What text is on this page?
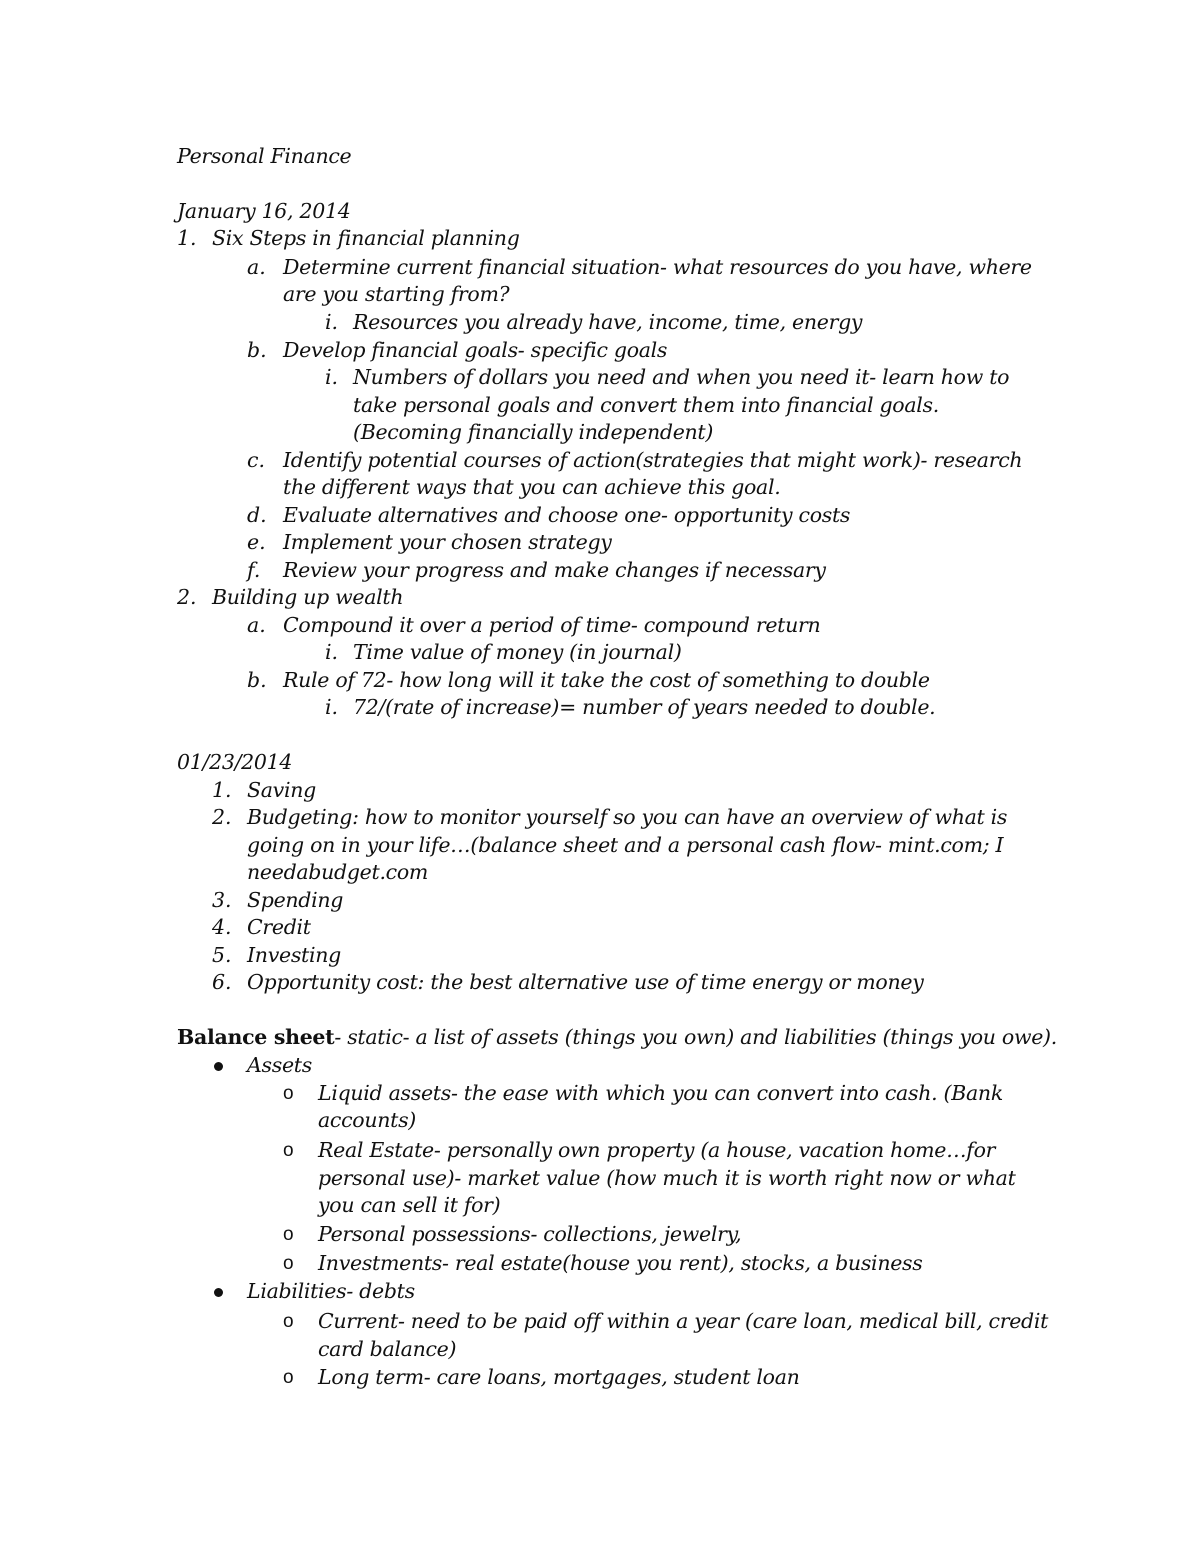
Personal Finance
January 16, 2014
1. Six Steps in financial planning
a. Determine current financial situation- what resources do you have, where
are you starting from?
i. Resources you already have, income, time, energy
b. Develop financial goals- specific goals
i. Numbers of dollars you need and when you need it- learn how to
take personal goals and convert them into financial goals.
(Becoming financially independent)
c. Identify potential courses of action(strategies that might work)- research
the different ways that you can achieve this goal.
d. Evaluate alternatives and choose one- opportunity costs
e. Implement your chosen strategy
f. Review your progress and make changes if necessary
2. Building up wealth
a. Compound it over a period of time- compound return
i. Time value of money (in journal)
b. Rule of 72- how long will it take the cost of something to double
i. 72/(rate of increase)= number of years needed to double.
01/23/2014
1. Saving
2. Budgeting: how to monitor yourself so you can have an overview of what is
going on in your life…(balance sheet and a personal cash flow- mint.com; I
needabudget.com
3. Spending
4. Credit
5. Investing
6. Opportunity cost: the best alternative use of time energy or money
Balance sheet- static- a list of assets (things you own) and liabilities (things you owe).
Assets
o Liquid assets- the ease with which you can convert into cash. (Bank
accounts)
o Real Estate- personally own property (a house, vacation home…for
personal use)- market value (how much it is worth right now or what
you can sell it for)
o Personal possessions- collections, jewelry,
o Investments- real estate(house you rent), stocks, a business
Liabilities- debts
o Current- need to be paid off within a year (care loan, medical bill, credit
card balance)
o Long term- care loans, mortgages, student loan
